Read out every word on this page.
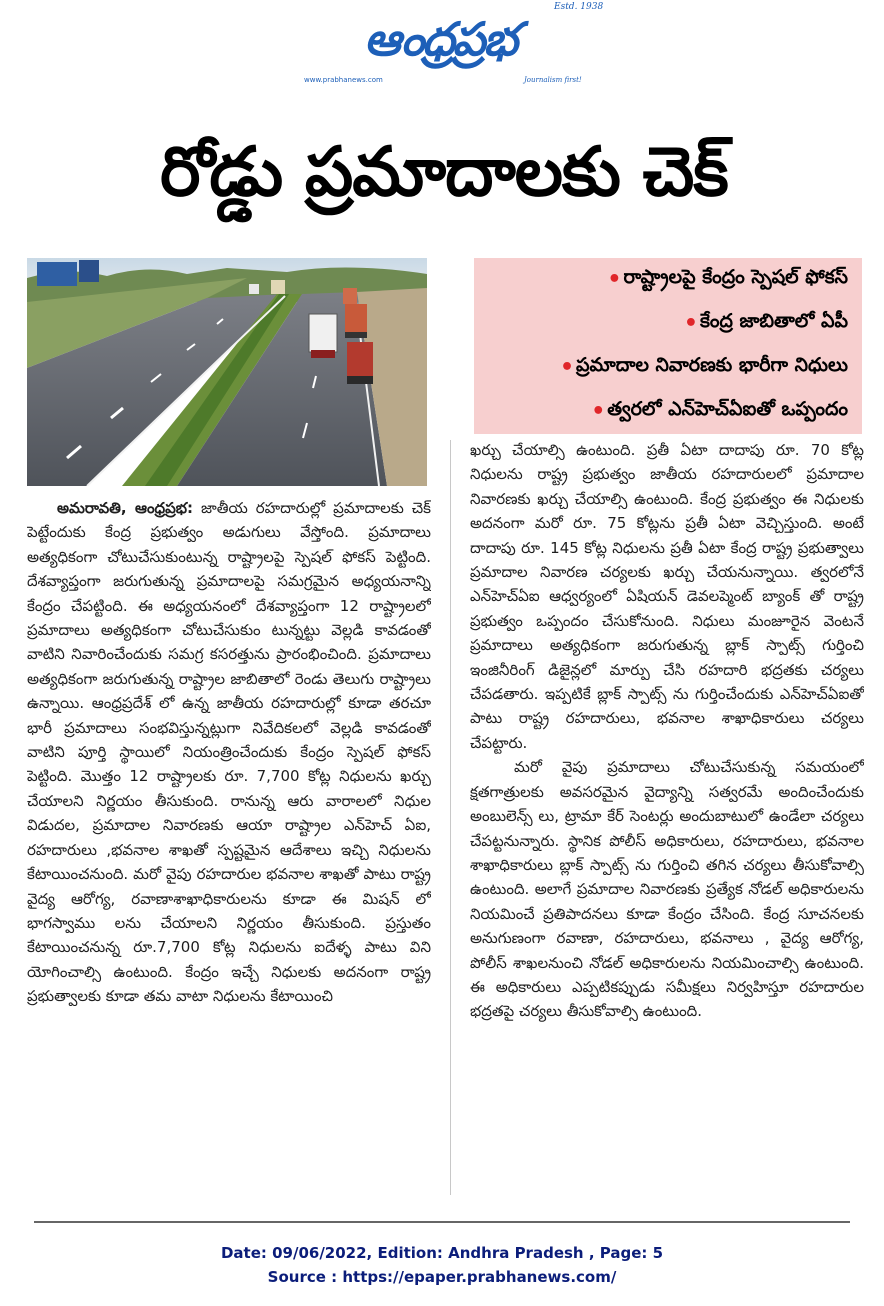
ఆంధ్రప్రభ
Estd. 1938
www.prabhanews.com	Journalism first!
రోడ్డు ప్రమాదాలకు చెక్
• రాష్ట్రాలపై కేంద్రం స్పెషల్ ఫోకస్
• కేంద్ర జాబితాలో ఏపీ
• ప్రమాదాల నివారణకు భారీగా నిధులు
• త్వరలో ఎన్‌హెచ్ఏఐతో ఒప్పందం

అమరావతి, ఆంధ్రప్రభ: జాతీయ రహదారుల్లో ప్రమాదాలకు చెక్ పెట్టేందుకు కేంద్ర ప్రభుత్వం అడుగులు వేస్తోంది. ప్రమాదాలు అత్యధికంగా చోటుచేసుకుంటున్న రాష్ట్రాలపై స్పెషల్ ఫోకస్ పెట్టింది. దేశవ్యాప్తంగా జరుగుతున్న ప్రమాదాలపై సమగ్రమైన అధ్యయనాన్ని కేంద్రం చేపట్టింది. ఈ అధ్యయనంలో దేశవ్యాప్తంగా 12 రాష్ట్రాలలో ప్రమాదాలు అత్యధికంగా చోటుచేసుకుం టున్నట్టు వెల్లడి కావడంతో వాటిని నివారించేందుకు సమగ్ర కసరత్తును ప్రారంభించింది. ప్రమాదాలు అత్యధికంగా జరుగుతున్న రాష్ట్రాల జాబితాలో రెండు తెలుగు రాష్ట్రాలు ఉన్నాయి. ఆంధ్రప్రదేశ్ లో ఉన్న జాతీయ రహదారుల్లో కూడా తరచూ భారీ ప్రమాదాలు సంభవిస్తున్నట్లుగా నివేదికలలో వెల్లడి కావడంతో వాటిని పూర్తి స్థాయిలో నియంత్రించేందుకు కేంద్రం స్పెషల్ ఫోకస్ పెట్టింది. మొత్తం 12 రాష్ట్రాలకు రూ. 7,700 కోట్ల నిధులను ఖర్చు చేయాలని నిర్ణయం తీసుకుంది. రానున్న ఆరు వారాలలో నిధుల విడుదల, ప్రమాదాల నివారణకు ఆయా రాష్ట్రాల ఎన్‌హెచ్ ఏఐ, రహదారులు ,భవనాల శాఖతో స్పష్టమైన ఆదేశాలు ఇచ్చి నిధులను కేటాయించనుంది. మరో వైపు రహదారుల భవనాల శాఖతో పాటు రాష్ట్ర వైద్య ఆరోగ్య, రవాణాశాఖాధికారులను కూడా ఈ మిషన్ లో భాగస్వాము లను చేయాలని నిర్ణయం తీసుకుంది. ప్రస్తుతం కేటాయించనున్న రూ.7,700 కోట్ల నిధులను ఐదేళ్ళ పాటు విని యోగించాల్సి ఉంటుంది. కేంద్రం ఇచ్చే నిధులకు అదనంగా రాష్ట్ర ప్రభుత్వాలకు కూడా తమ వాటా నిధులను కేటాయించి

ఖర్చు చేయాల్సి ఉంటుంది. ప్రతీ ఏటా దాదాపు రూ. 70 కోట్ల నిధులను రాష్ట్ర ప్రభుత్వం జాతీయ రహదారులలో ప్రమాదాల నివారణకు ఖర్చు చేయాల్సి ఉంటుంది. కేంద్ర ప్రభుత్వం ఈ నిధులకు అదనంగా మరో రూ. 75 కోట్లను ప్రతీ ఏటా వెచ్చిస్తుంది. అంటే దాదాపు రూ. 145 కోట్ల నిధులను ప్రతీ ఏటా కేంద్ర రాష్ట్ర ప్రభుత్వాలు ప్రమాదాల నివారణ చర్యలకు ఖర్చు చేయనున్నాయి. త్వరలోనే ఎన్‌హెచ్ఏఐ ఆధ్వర్యంలో ఏషియన్ డెవలప్మెంట్ బ్యాంక్ తో రాష్ట్ర ప్రభుత్వం ఒప్పందం చేసుకోనుంది. నిధులు మంజూరైన వెంటనే ప్రమాదాలు అత్యధికంగా జరుగుతున్న బ్లాక్ స్పాట్స్ గుర్తించి ఇంజినీరింగ్ డిజైన్లలో మార్పు చేసి రహదారి భద్రతకు చర్యలు చేపడతారు. ఇప్పటికే బ్లాక్ స్పాట్స్ ను గుర్తించేందుకు ఎన్‌హెచ్ఏఐతో పాటు రాష్ట్ర రహదారులు, భవనాల శాఖాధికారులు చర్యలు చేపట్టారు.

మరో వైపు ప్రమాదాలు చోటుచేసుకున్న సమయంలో క్షతగాత్రులకు అవసరమైన వైద్యాన్ని సత్వరమే అందించేందుకు అంబులెన్స్ లు, ట్రామా కేర్ సెంటర్లు అందుబాటులో ఉండేలా చర్యలు చేపట్టనున్నారు. స్థానిక పోలీస్ అధికారులు, రహదారులు, భవనాల శాఖాధికారులు బ్లాక్ స్పాట్స్ ను గుర్తించి తగిన చర్యలు తీసుకోవాల్సి ఉంటుంది. అలాగే ప్రమాదాల నివారణకు ప్రత్యేక నోడల్ అధికారులను నియమించే ప్రతిపాదనలు కూడా కేంద్రం చేసింది. కేంద్ర సూచనలకు అనుగుణంగా రవాణా, రహదారులు, భవనాలు , వైద్య ఆరోగ్య, పోలీస్ శాఖలనుంచి నోడల్ అధికారులను నియమించాల్సి ఉంటుంది. ఈ అధికారులు ఎప్పటికప్పుడు సమీక్షలు నిర్వహిస్తూ రహదారుల భద్రతపై చర్యలు తీసుకోవాల్సి ఉంటుంది.

Date: 09/06/2022, Edition: Andhra Pradesh , Page: 5
Source : https://epaper.prabhanews.com/
